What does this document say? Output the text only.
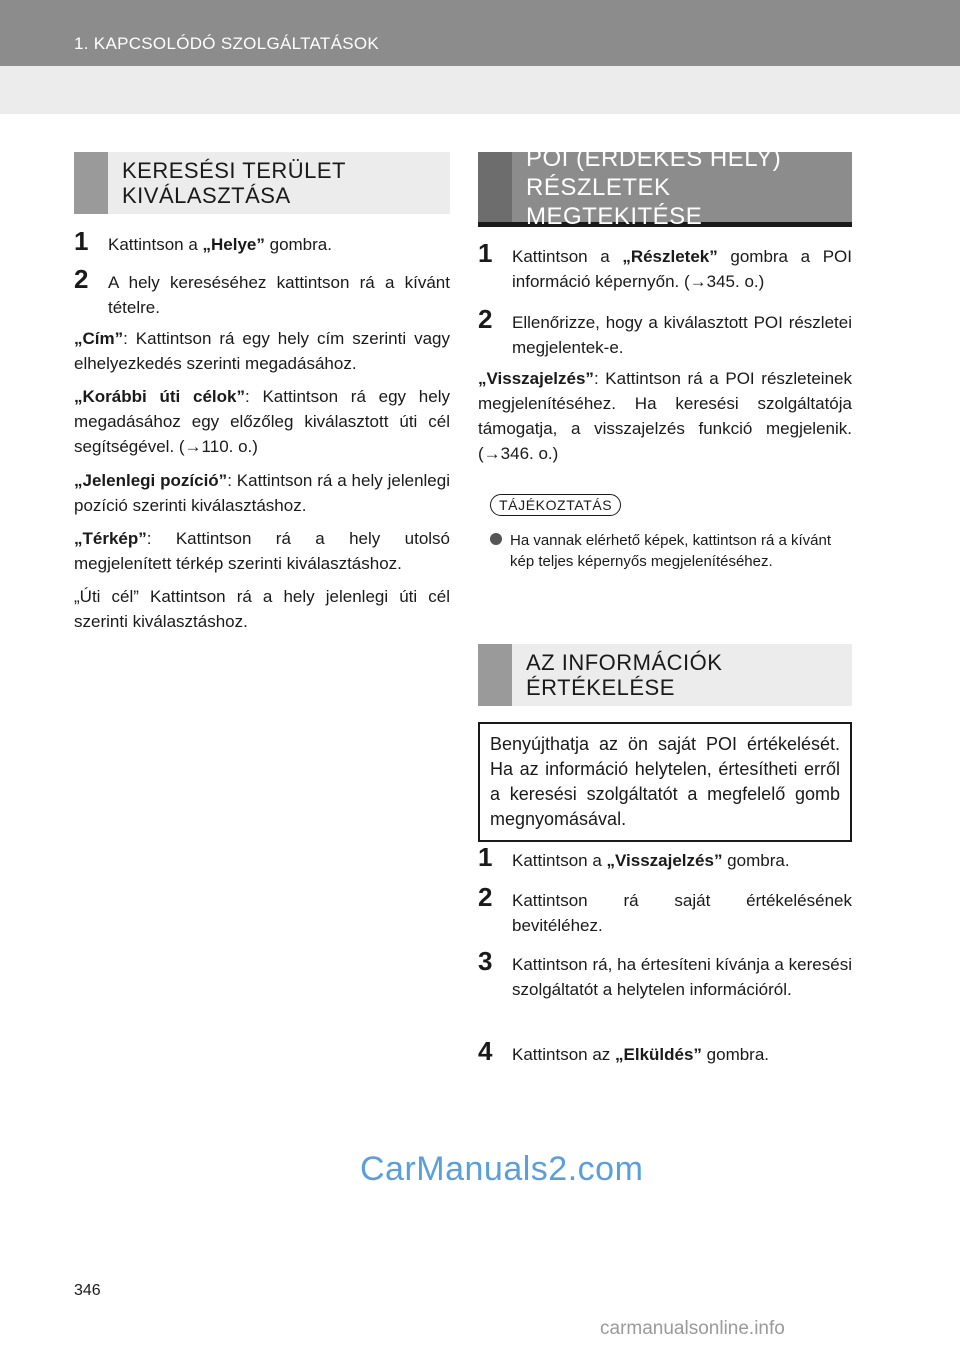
1. KAPCSOLÓDÓ SZOLGÁLTATÁSOK
KERESÉSI TERÜLET
KIVÁLASZTÁSA
1 Kattintson a „Helye” gombra.
2 A hely kereséséhez kattintson rá a kívánt tételre.
„Cím”: Kattintson rá egy hely cím szerinti vagy elhelyezkedés szerinti megadásához.
„Korábbi úti célok”: Kattintson rá egy hely megadásához egy előzőleg kiválasztott úti cél segítségével. (→110. o.)
„Jelenlegi pozíció”: Kattintson rá a hely jelenlegi pozíció szerinti kiválasztáshoz.
„Térkép”: Kattintson rá a hely utolsó megjelenített térkép szerinti kiválasztáshoz.
„Úti cél” Kattintson rá a hely jelenlegi úti cél szerinti kiválasztáshoz.
POI (ÉRDEKES HELY)
RÉSZLETEK MEGTEKITÉSE
1 Kattintson a „Részletek” gombra a POI információ képernyőn. (→345. o.)
2 Ellenőrizze, hogy a kiválasztott POI részletei megjelentek-e.
„Visszajelzés”: Kattintson rá a POI részleteinek megjelenítéséhez. Ha keresési szolgáltatója támogatja, a visszajelzés funkció megjelenik. (→346. o.)
TÁJÉKOZTATÁS
Ha vannak elérhető képek, kattintson rá a kívánt kép teljes képernyős megjelenítéséhez.
AZ INFORMÁCIÓK
ÉRTÉKELÉSE
Benyújthatja az ön saját POI értékelését. Ha az információ helytelen, értesítheti erről a keresési szolgáltatót a megfelelő gomb megnyomásával.
1 Kattintson a „Visszajelzés” gombra.
2 Kattintson rá saját értékelésének bevitéléhez.
3 Kattintson rá, ha értesíteni kívánja a keresési szolgáltatót a helytelen információról.
4 Kattintson az „Elküldés” gombra.
CarManuals2.com
346
carmanualsonline.info
